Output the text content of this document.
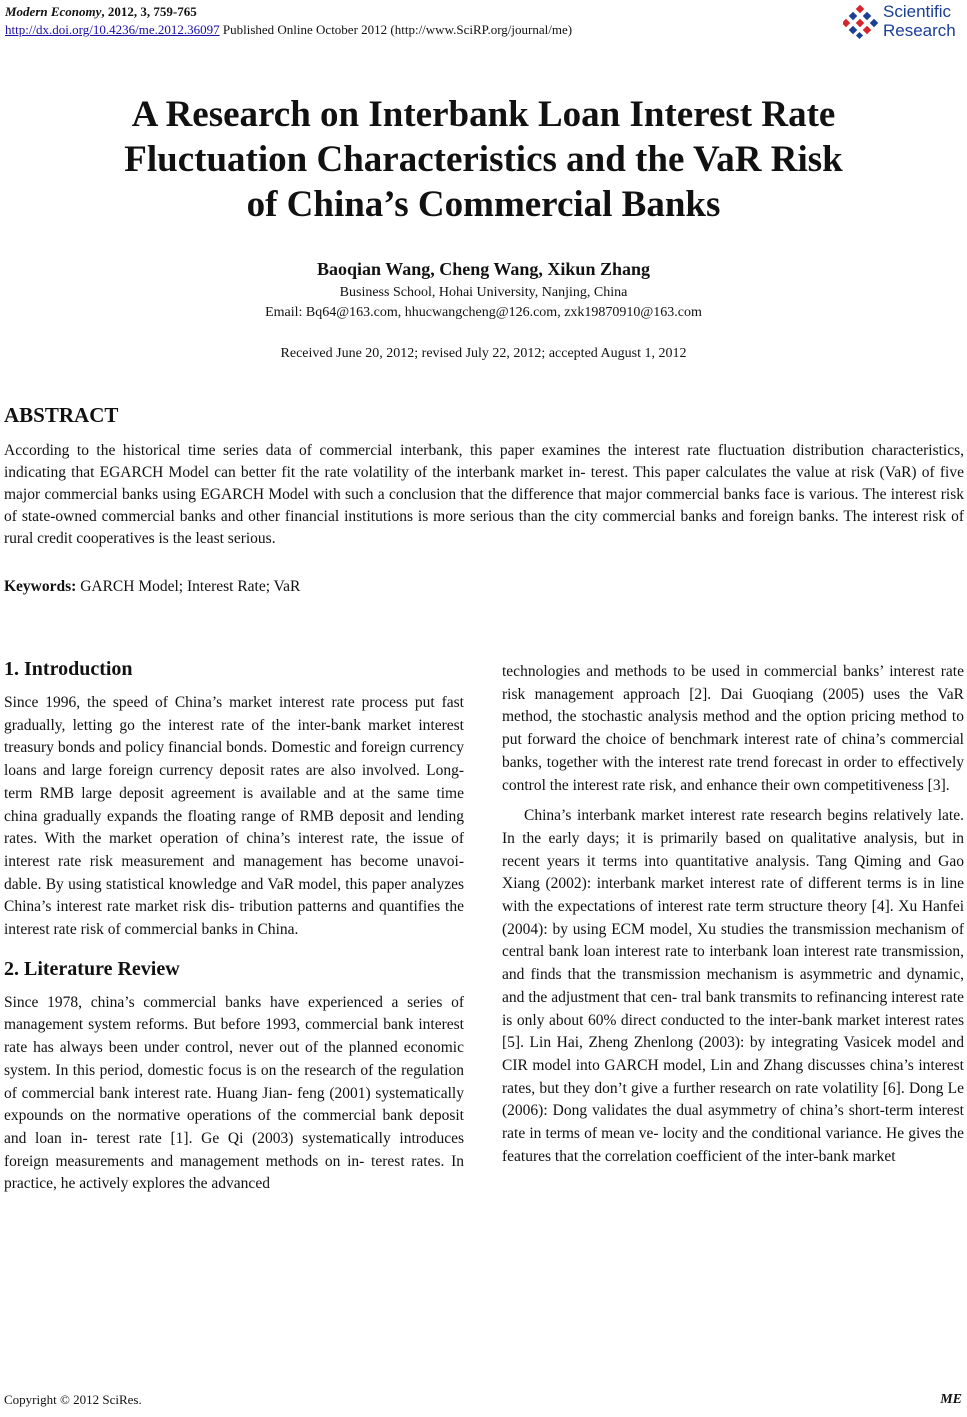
Modern Economy, 2012, 3, 759-765
http://dx.doi.org/10.4236/me.2012.36097 Published Online October 2012 (http://www.SciRP.org/journal/me)
Scientific
Research
A Research on Interbank Loan Interest Rate
Fluctuation Characteristics and the VaR Risk
of China’s Commercial Banks
Baoqian Wang, Cheng Wang, Xikun Zhang
Business School, Hohai University, Nanjing, China
Email: Bq64@163.com, hhucwangcheng@126.com, zxk19870910@163.com
Received June 20, 2012; revised July 22, 2012; accepted August 1, 2012
ABSTRACT

According to the historical time series data of commercial interbank, this paper examines the interest rate fluctuation distribution characteristics, indicating that EGARCH Model can better fit the rate volatility of the interbank market in- terest. This paper calculates the value at risk (VaR) of five major commercial banks using EGARCH Model with such a conclusion that the difference that major commercial banks face is various. The interest risk of state-owned commercial banks and other financial institutions is more serious than the city commercial banks and foreign banks. The interest risk of rural credit cooperatives is the least serious.

Keywords: GARCH Model; Interest Rate; VaR
1. Introduction

Since 1996, the speed of China’s market interest rate process put fast gradually, letting go the interest rate of the inter-bank market interest treasury bonds and policy financial bonds. Domestic and foreign currency loans and large foreign currency deposit rates are also involved. Long-term RMB large deposit agreement is available and at the same time china gradually expands the floating range of RMB deposit and lending rates. With the market operation of china’s interest rate, the issue of interest rate risk measurement and management has become unavoi- dable. By using statistical knowledge and VaR model, this paper analyzes China’s interest rate market risk dis- tribution patterns and quantifies the interest rate risk of commercial banks in China.

2. Literature Review

Since 1978, china’s commercial banks have experienced a series of management system reforms. But before 1993, commercial bank interest rate has always been under control, never out of the planned economic system. In this period, domestic focus is on the research of the regulation of commercial bank interest rate. Huang Jian- feng (2001) systematically expounds on the normative operations of the commercial bank deposit and loan in- terest rate [1]. Ge Qi (2003) systematically introduces foreign measurements and management methods on in- terest rates. In practice, he actively explores the advanced

technologies and methods to be used in commercial banks’ interest rate risk management approach [2]. Dai Guoqiang (2005) uses the VaR method, the stochastic analysis method and the option pricing method to put forward the choice of benchmark interest rate of china’s commercial banks, together with the interest rate trend forecast in order to effectively control the interest rate risk, and enhance their own competitiveness [3].

China’s interbank market interest rate research begins relatively late. In the early days; it is primarily based on qualitative analysis, but in recent years it terms into quantitative analysis. Tang Qiming and Gao Xiang (2002): interbank market interest rate of different terms is in line with the expectations of interest rate term structure theory [4]. Xu Hanfei (2004): by using ECM model, Xu studies the transmission mechanism of central bank loan interest rate to interbank loan interest rate transmission, and finds that the transmission mechanism is asymmetric and dynamic, and the adjustment that cen- tral bank transmits to refinancing interest rate is only about 60% direct conducted to the inter-bank market interest rates [5]. Lin Hai, Zheng Zhenlong (2003): by integrating Vasicek model and CIR model into GARCH model, Lin and Zhang discusses china’s interest rates, but they don’t give a further research on rate volatility [6]. Dong Le (2006): Dong validates the dual asymmetry of china’s short-term interest rate in terms of mean ve- locity and the conditional variance. He gives the features that the correlation coefficient of the inter-bank market

Copyright © 2012 SciRes.	ME
